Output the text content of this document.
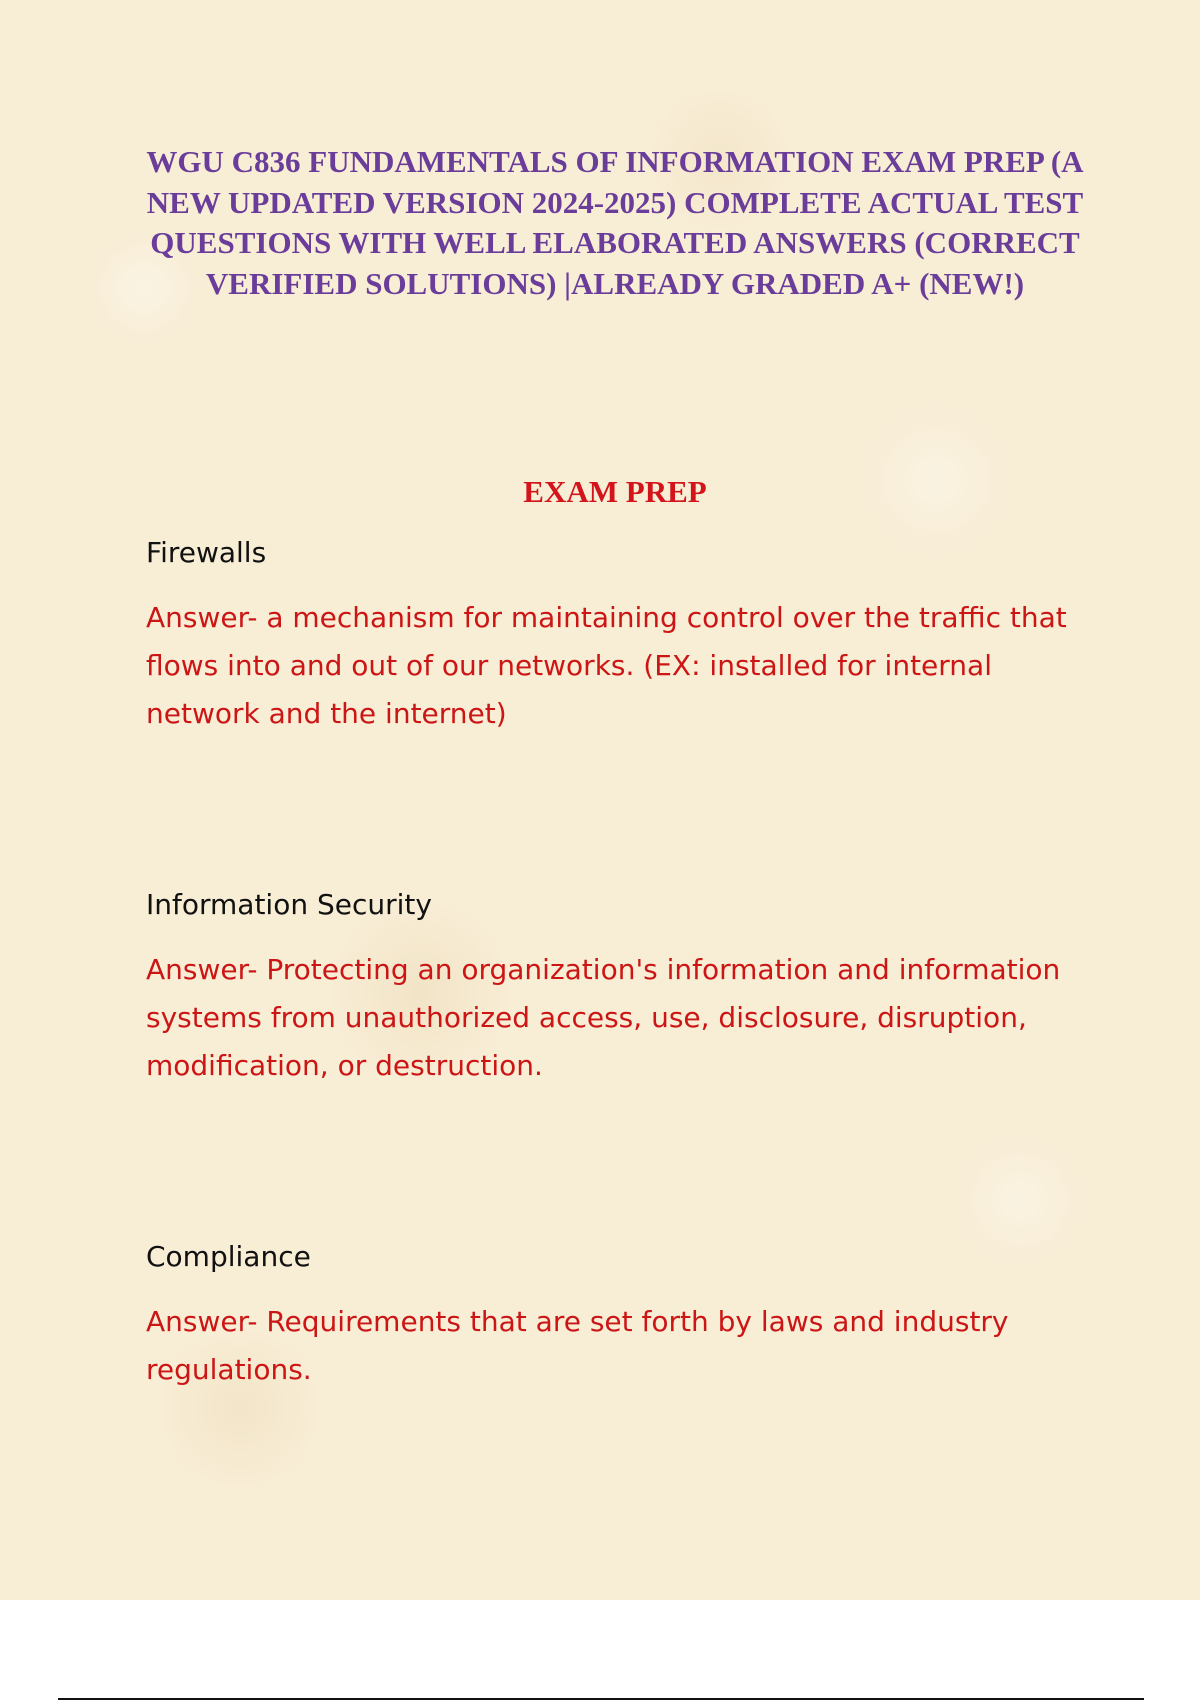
WGU C836 FUNDAMENTALS OF INFORMATION EXAM PREP (A NEW UPDATED VERSION 2024-2025) COMPLETE ACTUAL TEST QUESTIONS WITH WELL ELABORATED ANSWERS (CORRECT VERIFIED SOLUTIONS) |ALREADY GRADED A+ (NEW!)
EXAM PREP

Firewalls

Answer- a mechanism for maintaining control over the traffic that flows into and out of our networks. (EX: installed for internal network and the internet)

Information Security

Answer- Protecting an organization's information and information systems from unauthorized access, use, disclosure, disruption, modification, or destruction.

Compliance

Answer- Requirements that are set forth by laws and industry regulations.
